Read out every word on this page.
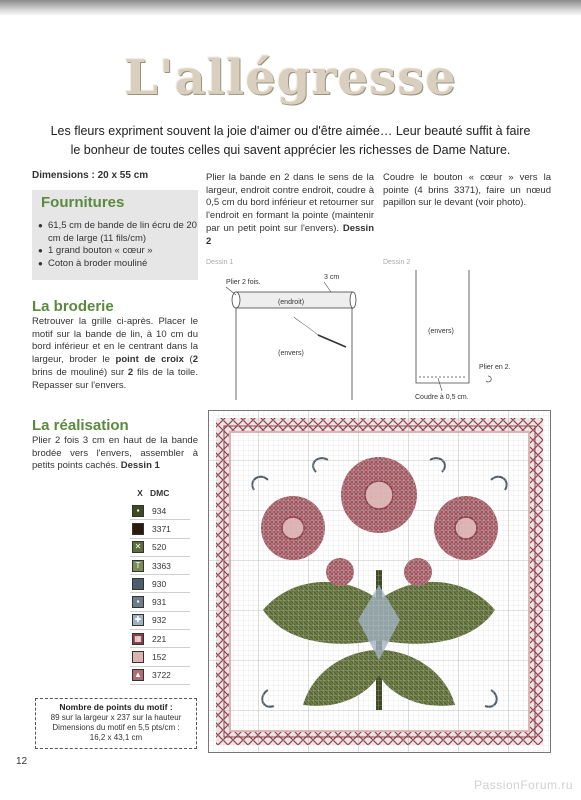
L'allégresse
Les fleurs expriment souvent la joie d'aimer ou d'être aimée… Leur beauté suffit à faire
le bonheur de toutes celles qui savent apprécier les richesses de Dame Nature.
Dimensions : 20 x 55 cm
Fournitures
● 61,5 cm de bande de lin écru de 20 cm de large (11 fils/cm)
● 1 grand bouton « cœur »
● Coton à broder mouliné
La broderie
Retrouver la grille ci-après. Placer le motif sur la bande de lin, à 10 cm du bord inférieur et en le centrant dans la largeur, broder le point de croix (2 brins de mouliné) sur 2 fils de la toile. Repasser sur l'envers.
La réalisation
Plier 2 fois 3 cm en haut de la bande brodée vers l'envers, assembler à petits points cachés. Dessin 1
Plier la bande en 2 dans le sens de la largeur, endroit contre endroit, coudre à 0,5 cm du bord inférieur et retourner sur l'endroit en formant la pointe (maintenir par un petit point sur l'envers). Dessin 2
Coudre le bouton « cœur » vers la pointe (4 brins 3371), faire un nœud papillon sur le devant (voir photo).
Dessin 1
Plier 2 fois.
(endroit)
3 cm
(envers)
Dessin 2
(envers)
Plier en 2.
Coudre à 0,5 cm.
X DMC
▪	934
3371
✕	520
T	3363
930
▪	931
✚	932
▦ 221
152
▲ 3722
Nombre de points du motif :
89 sur la largeur x 237 sur la hauteur
Dimensions du motif en 5,5 pts/cm :
16,2 x 43,1 cm
12
PassionForum.ru
